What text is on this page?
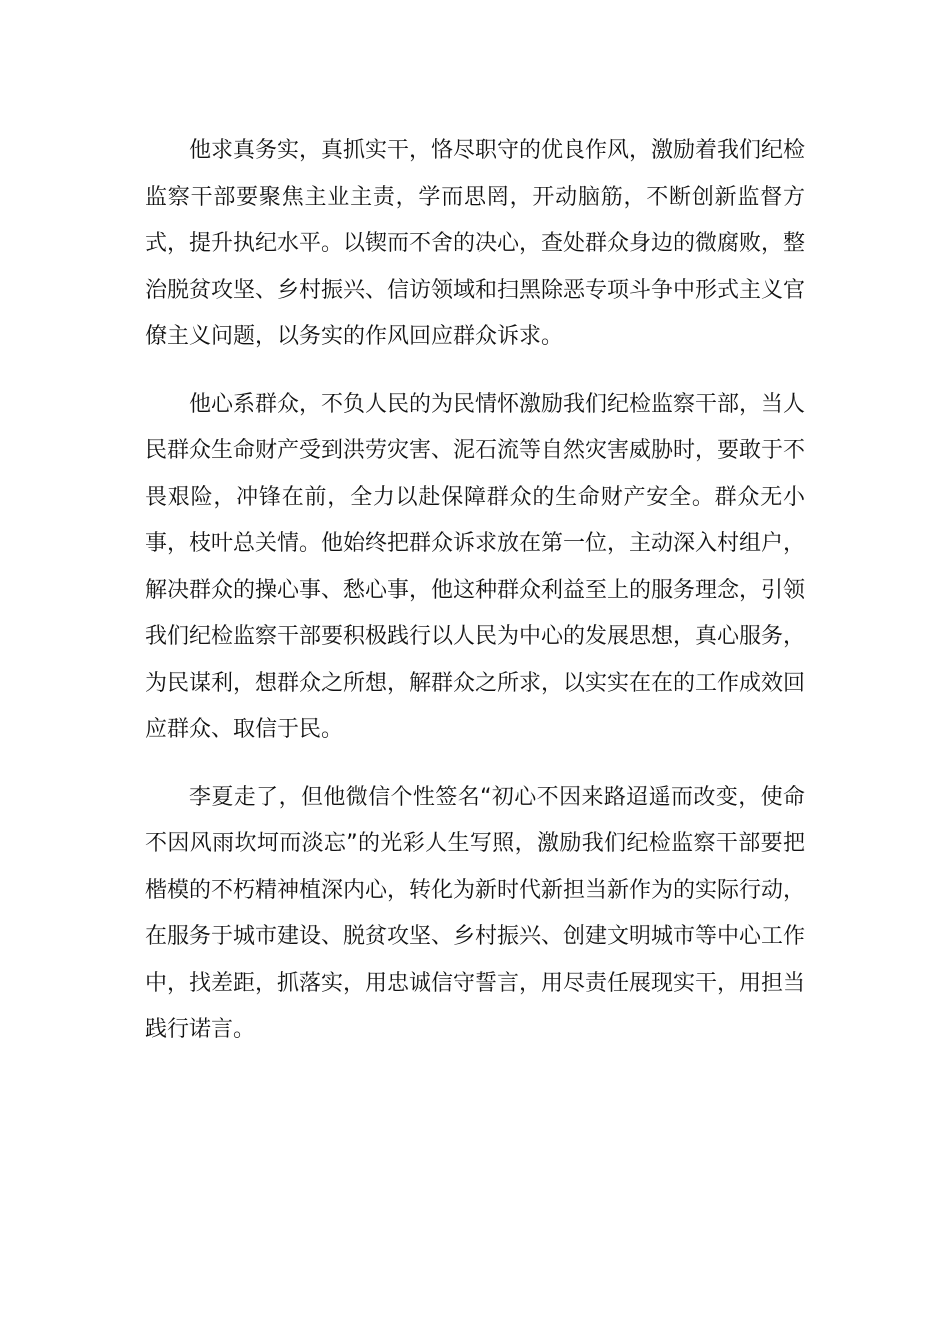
他求真务实，真抓实干，恪尽职守的优良作风，激励着我们纪检监察干部要聚焦主业主责，学而思罔，开动脑筋，不断创新监督方式，提升执纪水平。以锲而不舍的决心，查处群众身边的微腐败，整治脱贫攻坚、乡村振兴、信访领域和扫黑除恶专项斗争中形式主义官僚主义问题，以务实的作风回应群众诉求。

他心系群众，不负人民的为民情怀激励我们纪检监察干部，当人民群众生命财产受到洪劳灾害、泥石流等自然灾害威胁时，要敢于不畏艰险，冲锋在前，全力以赴保障群众的生命财产安全。群众无小事，枝叶总关情。他始终把群众诉求放在第一位，主动深入村组户，解决群众的操心事、愁心事，他这种群众利益至上的服务理念，引领我们纪检监察干部要积极践行以人民为中心的发展思想，真心服务，为民谋利，想群众之所想，解群众之所求，以实实在在的工作成效回应群众、取信于民。

李夏走了，但他微信个性签名“初心不因来路迢遥而改变，使命不因风雨坎坷而淡忘”的光彩人生写照，激励我们纪检监察干部要把楷模的不朽精神植深内心，转化为新时代新担当新作为的实际行动，在服务于城市建设、脱贫攻坚、乡村振兴、创建文明城市等中心工作中，找差距，抓落实，用忠诚信守誓言，用尽责任展现实干，用担当践行诺言。
